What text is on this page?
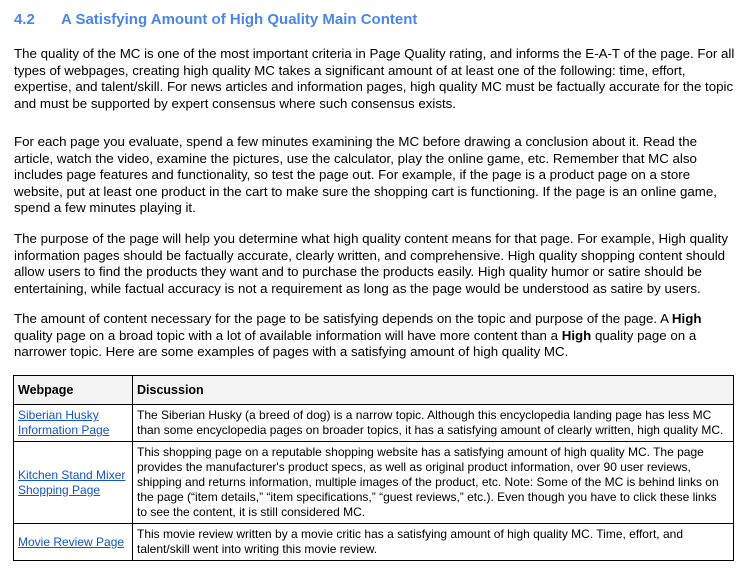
4.2 A Satisfying Amount of High Quality Main Content

The quality of the MC is one of the most important criteria in Page Quality rating, and informs the E-A-T of the page. For all types of webpages, creating high quality MC takes a significant amount of at least one of the following: time, effort, expertise, and talent/skill. For news articles and information pages, high quality MC must be factually accurate for the topic and must be supported by expert consensus where such consensus exists.

For each page you evaluate, spend a few minutes examining the MC before drawing a conclusion about it. Read the article, watch the video, examine the pictures, use the calculator, play the online game, etc. Remember that MC also includes page features and functionality, so test the page out. For example, if the page is a product page on a store website, put at least one product in the cart to make sure the shopping cart is functioning. If the page is an online game, spend a few minutes playing it.

The purpose of the page will help you determine what high quality content means for that page. For example, High quality information pages should be factually accurate, clearly written, and comprehensive. High quality shopping content should allow users to find the products they want and to purchase the products easily. High quality humor or satire should be entertaining, while factual accuracy is not a requirement as long as the page would be understood as satire by users.

The amount of content necessary for the page to be satisfying depends on the topic and purpose of the page. A High quality page on a broad topic with a lot of available information will have more content than a High quality page on a narrower topic. Here are some examples of pages with a satisfying amount of high quality MC.

Webpage	Discussion
Siberian Husky Information Page	The Siberian Husky (a breed of dog) is a narrow topic. Although this encyclopedia landing page has less MC than some encyclopedia pages on broader topics, it has a satisfying amount of clearly written, high quality MC.
Kitchen Stand Mixer Shopping Page	This shopping page on a reputable shopping website has a satisfying amount of high quality MC. The page provides the manufacturer's product specs, as well as original product information, over 90 user reviews, shipping and returns information, multiple images of the product, etc. Note: Some of the MC is behind links on the page (“item details,” “item specifications,” “guest reviews,” etc.). Even though you have to click these links to see the content, it is still considered MC.
Movie Review Page	This movie review written by a movie critic has a satisfying amount of high quality MC. Time, effort, and talent/skill went into writing this movie review.
